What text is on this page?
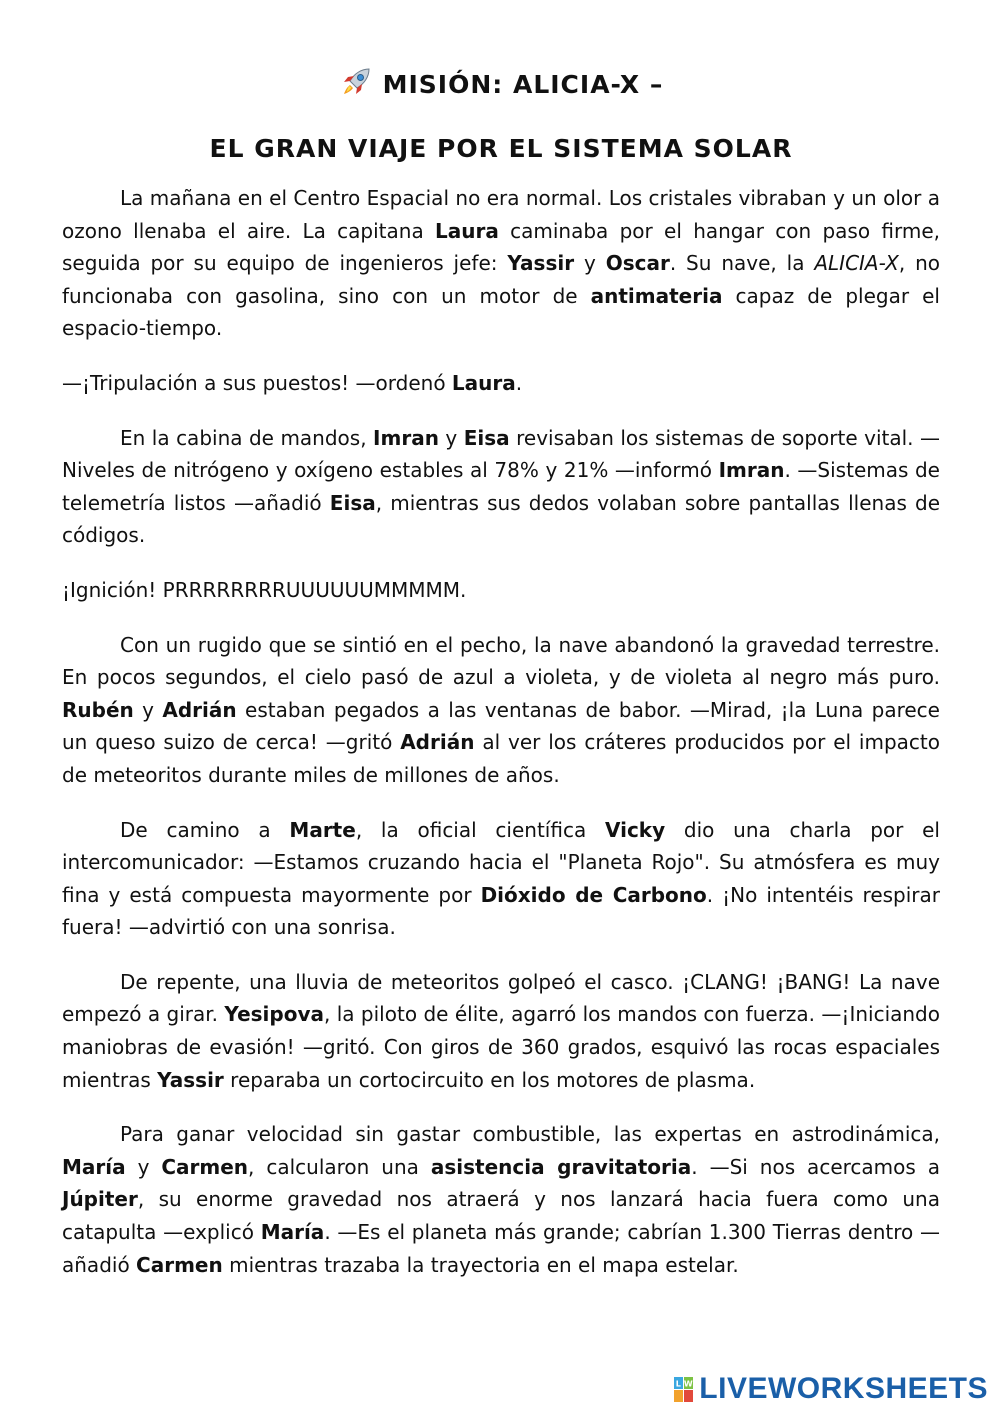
MISIÓN: ALICIA-X –
EL GRAN VIAJE POR EL SISTEMA SOLAR

La mañana en el Centro Espacial no era normal. Los cristales vibraban y un olor a ozono llenaba el aire. La capitana Laura caminaba por el hangar con paso firme, seguida por su equipo de ingenieros jefe: Yassir y Oscar. Su nave, la ALICIA-X, no funcionaba con gasolina, sino con un motor de antimateria capaz de plegar el espacio-tiempo.

—¡Tripulación a sus puestos! —ordenó Laura.

En la cabina de mandos, Imran y Eisa revisaban los sistemas de soporte vital. —Niveles de nitrógeno y oxígeno estables al 78% y 21% —informó Imran. —Sistemas de telemetría listos —añadió Eisa, mientras sus dedos volaban sobre pantallas llenas de códigos.

¡Ignición! PRRRRRRRRUUUUUUMMMMM.

Con un rugido que se sintió en el pecho, la nave abandonó la gravedad terrestre. En pocos segundos, el cielo pasó de azul a violeta, y de violeta al negro más puro. Rubén y Adrián estaban pegados a las ventanas de babor. —Mirad, ¡la Luna parece un queso suizo de cerca! —gritó Adrián al ver los cráteres producidos por el impacto de meteoritos durante miles de millones de años.

De camino a Marte, la oficial científica Vicky dio una charla por el intercomunicador: —Estamos cruzando hacia el "Planeta Rojo". Su atmósfera es muy fina y está compuesta mayormente por Dióxido de Carbono. ¡No intentéis respirar fuera! —advirtió con una sonrisa.

De repente, una lluvia de meteoritos golpeó el casco. ¡CLANG! ¡BANG! La nave empezó a girar. Yesipova, la piloto de élite, agarró los mandos con fuerza. —¡Iniciando maniobras de evasión! —gritó. Con giros de 360 grados, esquivó las rocas espaciales mientras Yassir reparaba un cortocircuito en los motores de plasma.

Para ganar velocidad sin gastar combustible, las expertas en astrodinámica, María y Carmen, calcularon una asistencia gravitatoria. —Si nos acercamos a Júpiter, su enorme gravedad nos atraerá y nos lanzará hacia fuera como una catapulta —explicó María. —Es el planeta más grande; cabrían 1.300 Tierras dentro —añadió Carmen mientras trazaba la trayectoria en el mapa estelar.

L W LIVEWORKSHEETS
